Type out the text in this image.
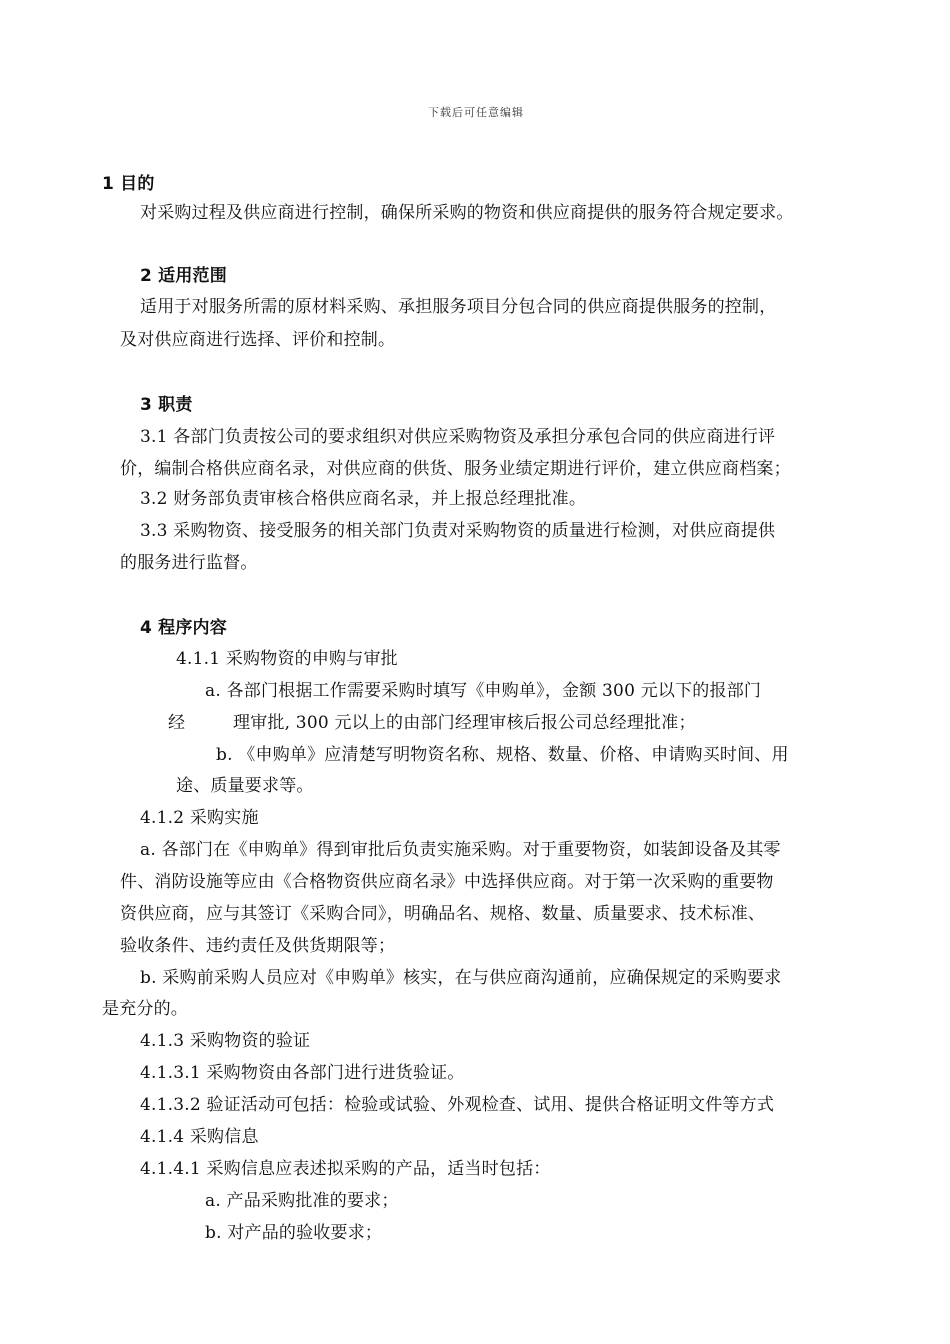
下载后可任意编辑
1 目的
对采购过程及供应商进行控制，确保所采购的物资和供应商提供的服务符合规定要求。
2 适用范围
适用于对服务所需的原材料采购、承担服务项目分包合同的供应商提供服务的控制，
及对供应商进行选择、评价和控制。
3 职责
3.1 各部门负责按公司的要求组织对供应采购物资及承担分承包合同的供应商进行评
价，编制合格供应商名录，对供应商的供货、服务业绩定期进行评价，建立供应商档案；
3.2 财务部负责审核合格供应商名录，并上报总经理批准。
3.3 采购物资、接受服务的相关部门负责对采购物资的质量进行检测，对供应商提供
的服务进行监督。
4 程序内容
4.1.1 采购物资的申购与审批
a. 各部门根据工作需要采购时填写《申购单》，金额 300 元以下的报部门
经	理审批, 300 元以上的由部门经理审核后报公司总经理批准；
b. 《申购单》应清楚写明物资名称、规格、数量、价格、申请购买时间、用
途、质量要求等。
4.1.2 采购实施
a. 各部门在《申购单》得到审批后负责实施采购。对于重要物资，如装卸设备及其零
件、消防设施等应由《合格物资供应商名录》中选择供应商。对于第一次采购的重要物
资供应商，应与其签订《采购合同》，明确品名、规格、数量、质量要求、技术标准、
验收条件、违约责任及供货期限等；
b. 采购前采购人员应对《申购单》核实，在与供应商沟通前，应确保规定的采购要求
是充分的。
4.1.3 采购物资的验证
4.1.3.1 采购物资由各部门进行进货验证。
4.1.3.2 验证活动可包括：检验或试验、外观检查、试用、提供合格证明文件等方式
4.1.4 采购信息
4.1.4.1 采购信息应表述拟采购的产品，适当时包括：
a. 产品采购批准的要求；
b. 对产品的验收要求；
